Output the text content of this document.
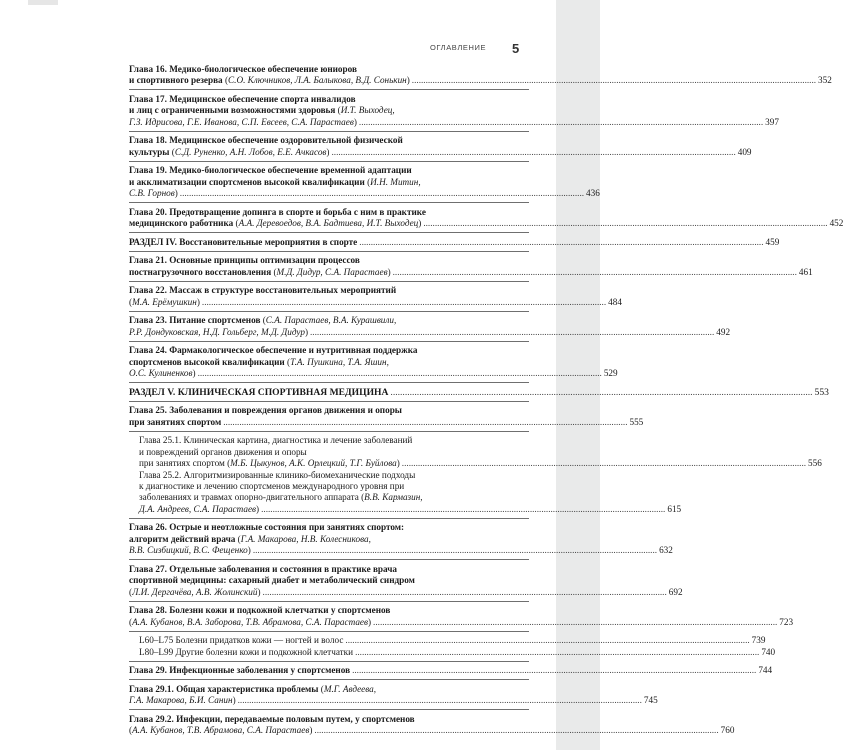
ОГЛАВЛЕНИЕ 5
Глава 16. Медико-биологическое обеспечение юниоров
и спортивного резерва (С.О. Ключников, Л.А. Балыкова, В.Д. Сонькин) .....	352
Глава 17. Медицинское обеспечение спорта инвалидов
и лиц с ограниченными возможностями здоровья (И.Т. Выходец,
Г.З. Идрисова, Г.Е. Иванова, С.П. Евсеев, С.А. Парастаев) .....	397
Глава 18. Медицинское обеспечение оздоровительной физической
культуры (С.Д. Руненко, А.Н. Лобов, Е.Е. Ачкасов) .....	409
Глава 19. Медико-биологическое обеспечение временной адаптации
и акклиматизации спортсменов высокой квалификации (И.Н. Митин,
С.В. Горнов) .....	436
Глава 20. Предотвращение допинга в спорте и борьба с ним в практике
медицинского работника (А.А. Деревоедов, В.А. Бадтиева, И.Т. Выходец) .....	452
РАЗДЕЛ IV. Восстановительные мероприятия в спорте .....	459
Глава 21. Основные принципы оптимизации процессов
постнагрузочного восстановления (М.Д. Дидур, С.А. Парастаев) .....	461
Глава 22. Массаж в структуре восстановительных мероприятий
(М.А. Ерёмушкин) .....	484
Глава 23. Питание спортсменов (С.А. Парастаев, В.А. Курашвили,
Р.Р. Дондуковская, Н.Д. Гольберг, М.Д. Дидур) .....	492
Глава 24. Фармакологическое обеспечение и нутритивная поддержка
спортсменов высокой квалификации (Т.А. Пушкина, Т.А. Яшин,
О.С. Кулиненков) .....	529
РАЗДЕЛ V. КЛИНИЧЕСКАЯ СПОРТИВНАЯ МЕДИЦИНА .....	553
Глава 25. Заболевания и повреждения органов движения и опоры
при занятиях спортом .....	555
Глава 25.1. Клиническая картина, диагностика и лечение заболеваний
и повреждений органов движения и опоры
при занятиях спортом (М.Б. Цыкунов, А.К. Орлецкий, Т.Г. Буйлова) .....	556
Глава 25.2. Алгоритмизированные клинико-биомеханические подходы
к диагностике и лечению спортсменов международного уровня при
заболеваниях и травмах опорно-двигательного аппарата (В.В. Кармазин,
Д.А. Андреев, С.А. Парастаев) .....	615
Глава 26. Острые и неотложные состояния при занятиях спортом:
алгоритм действий врача (Г.А. Макарова, Н.В. Колесникова,
В.В. Сизбицкий, В.С. Фещенко) .....	632
Глава 27. Отдельные заболевания и состояния в практике врача
спортивной медицины: сахарный диабет и метаболический синдром
(Л.И. Дергачёва, А.В. Жолинский) .....	692
Глава 28. Болезни кожи и подкожной клетчатки у спортсменов
(А.А. Кубанов, В.А. Заборова, Т.В. Абрамова, С.А. Парастаев) .....	723
L60–L75 Болезни придатков кожи — ногтей и волос .....	739
L80–L99 Другие болезни кожи и подкожной клетчатки .....	740
Глава 29. Инфекционные заболевания у спортсменов .....	744
Глава 29.1. Общая характеристика проблемы (М.Г. Авдеева,
Г.А. Макарова, Б.И. Санин) .....	745
Глава 29.2. Инфекции, передаваемые половым путем, у спортсменов
(А.А. Кубанов, Т.В. Абрамова, С.А. Парастаев) .....	760
